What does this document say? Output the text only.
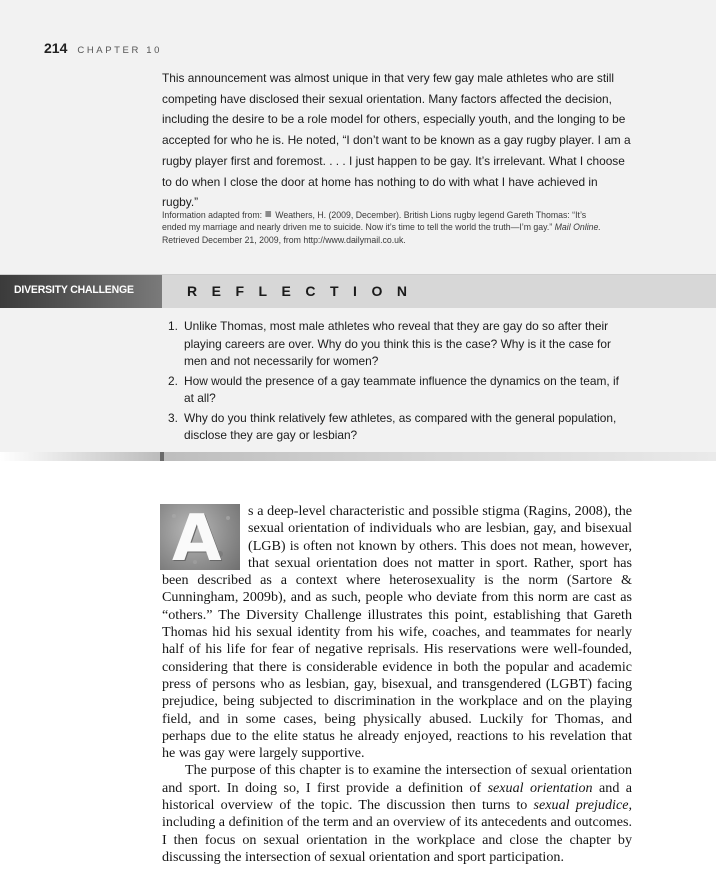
214 CHAPTER 10

This announcement was almost unique in that very few gay male athletes who are still competing have disclosed their sexual orientation. Many factors affected the decision, including the desire to be a role model for others, especially youth, and the longing to be accepted for who he is. He noted, “I don’t want to be known as a gay rugby player. I am a rugby player first and foremost. . . . I just happen to be gay. It’s irrelevant. What I choose to do when I close the door at home has nothing to do with what I have achieved in rugby.”

Information adapted from: Weathers, H. (2009, December). British Lions rugby legend Gareth Thomas: “It’s ended my marriage and nearly driven me to suicide. Now it’s time to tell the world the truth—I’m gay.” Mail Online.
Retrieved December 21, 2009, from http://www.dailymail.co.uk.
DIVERSITY CHALLENGE	REFLECTION
1. Unlike Thomas, most male athletes who reveal that they are gay do so after their playing careers are over. Why do you think this is the case? Why is it the case for men and not necessarily for women?
2. How would the presence of a gay teammate influence the dynamics on the team, if at all?
3. Why do you think relatively few athletes, as compared with the general population, disclose they are gay or lesbian?

A s a deep-level characteristic and possible stigma (Ragins, 2008), the sexual orientation of individuals who are lesbian, gay, and bisexual (LGB) is often not known by others. This does not mean, however, that sexual orientation does not matter in sport. Rather, sport has been described as a context where heterosexuality is the norm (Sartore & Cunningham, 2009b), and as such, people who deviate from this norm are cast as “others.” The Diversity Challenge illustrates this point, establishing that Gareth Thomas hid his sexual identity from his wife, coaches, and teammates for nearly half of his life for fear of negative reprisals. His reservations were well-founded, considering that there is considerable evidence in both the popular and academic press of persons who as lesbian, gay, bisexual, and transgendered (LGBT) facing prejudice, being subjected to discrimination in the workplace and on the playing field, and in some cases, being physically abused. Luckily for Thomas, and perhaps due to the elite status he already enjoyed, reactions to his revelation that he was gay were largely supportive.

The purpose of this chapter is to examine the intersection of sexual orientation and sport. In doing so, I first provide a definition of sexual orientation and a historical overview of the topic. The discussion then turns to sexual prejudice, including a definition of the term and an overview of its antecedents and outcomes. I then focus on sexual orientation in the workplace and close the chapter by discussing the intersection of sexual orientation and sport participation.
